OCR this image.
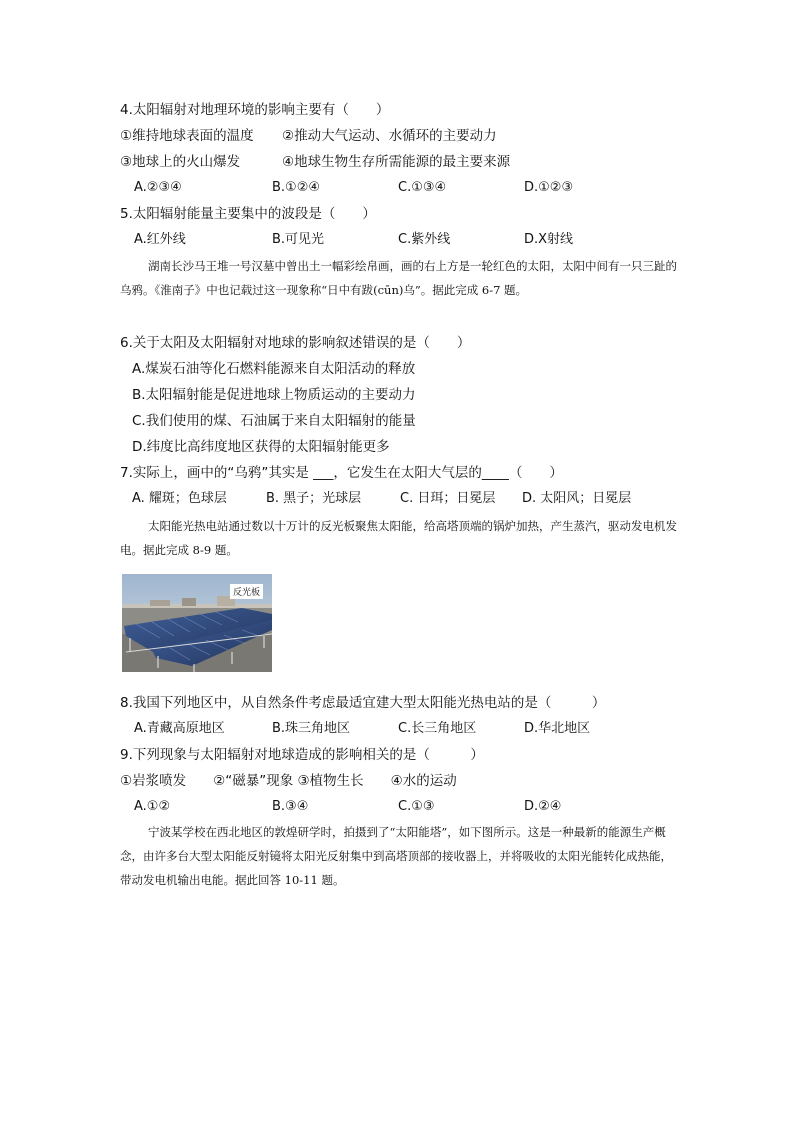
4.太阳辐射对地理环境的影响主要有（　　）
①维持地球表面的温度 ②推动大气运动、水循环的主要动力
③地球上的火山爆发	④地球生物生存所需能源的最主要来源
A.②③④	B.①②④	C.①③④	D.①②③
5.太阳辐射能量主要集中的波段是（　　）
A.红外线	B.可见光	C.紫外线	D.X射线
湖南长沙马王堆一号汉墓中曾出土一幅彩绘帛画，画的右上方是一轮红色的太阳，太阳中间有一只三趾的乌鸦。《淮南子》中也记载过这一现象称“日中有跋(cūn)乌”。据此完成 6-7 题。
6.关于太阳及太阳辐射对地球的影响叙述错误的是（　　）
A.煤炭石油等化石燃料能源来自太阳活动的释放
B.太阳辐射能是促进地球上物质运动的主要动力
C.我们使用的煤、石油属于来自太阳辐射的能量
D.纬度比高纬度地区获得的太阳辐射能更多
7.实际上，画中的“乌鸦”其实是 ___，它发生在太阳大气层的____（　　）
A. 耀斑；色球层	B. 黑子；光球层	C. 日珥；日冕层 D. 太阳风；日冕层
太阳能光热电站通过数以十万计的反光板聚焦太阳能，给高塔顶端的锅炉加热，产生蒸汽，驱动发电机发电。据此完成 8-9 题。
反光板
8.我国下列地区中，从自然条件考虑最适宜建大型太阳能光热电站的是（　　　）
A.青藏高原地区	B.珠三角地区	C.长三角地区	D.华北地区
9.下列现象与太阳辐射对地球造成的影响相关的是（　　　）
①岩浆喷发　　②“磁暴”现象 ③植物生长　　④水的运动
A.①②	B.③④	C.①③	D.②④
宁波某学校在西北地区的敦煌研学时，拍摄到了“太阳能塔”，如下图所示。这是一种最新的能源生产概念，由许多台大型太阳能反射镜将太阳光反射集中到高塔顶部的接收器上，并将吸收的太阳光能转化成热能，带动发电机输出电能。据此回答 10-11 题。
